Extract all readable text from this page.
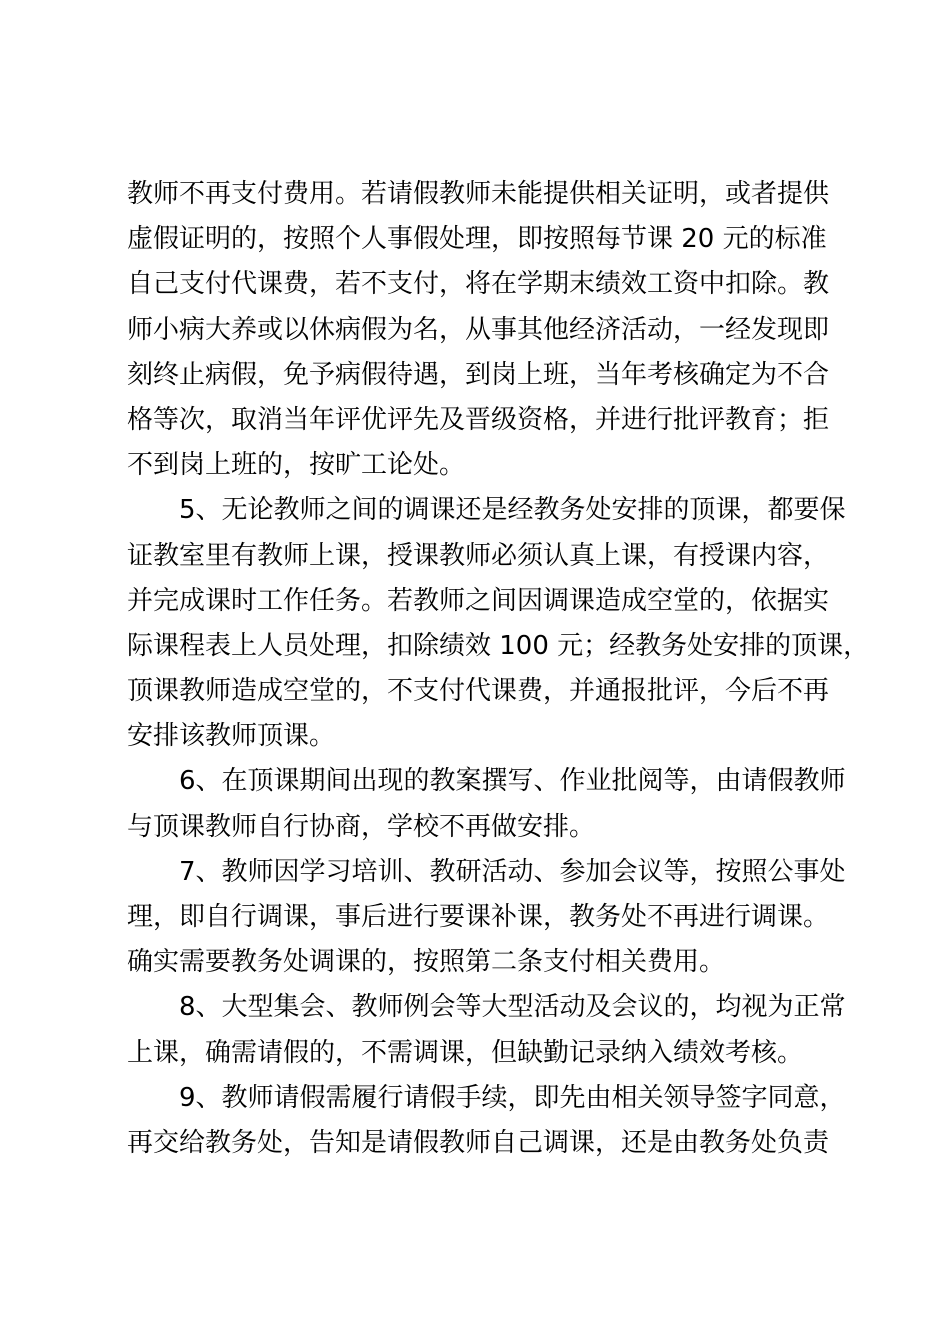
教师不再支付费用。若请假教师未能提供相关证明，或者提供
虚假证明的，按照个人事假处理，即按照每节课 20 元的标准
自己支付代课费，若不支付，将在学期末绩效工资中扣除。教
师小病大养或以休病假为名，从事其他经济活动，一经发现即
刻终止病假，免予病假待遇，到岗上班，当年考核确定为不合
格等次，取消当年评优评先及晋级资格，并进行批评教育；拒
不到岗上班的，按旷工论处。
5、无论教师之间的调课还是经教务处安排的顶课，都要保
证教室里有教师上课，授课教师必须认真上课，有授课内容，
并完成课时工作任务。若教师之间因调课造成空堂的，依据实
际课程表上人员处理，扣除绩效 100 元；经教务处安排的顶课，
顶课教师造成空堂的，不支付代课费，并通报批评，今后不再
安排该教师顶课。
6、在顶课期间出现的教案撰写、作业批阅等，由请假教师
与顶课教师自行协商，学校不再做安排。
7、教师因学习培训、教研活动、参加会议等，按照公事处
理，即自行调课，事后进行要课补课，教务处不再进行调课。
确实需要教务处调课的，按照第二条支付相关费用。
8、大型集会、教师例会等大型活动及会议的，均视为正常
上课，确需请假的，不需调课，但缺勤记录纳入绩效考核。
9、教师请假需履行请假手续，即先由相关领导签字同意，
再交给教务处，告知是请假教师自己调课，还是由教务处负责
